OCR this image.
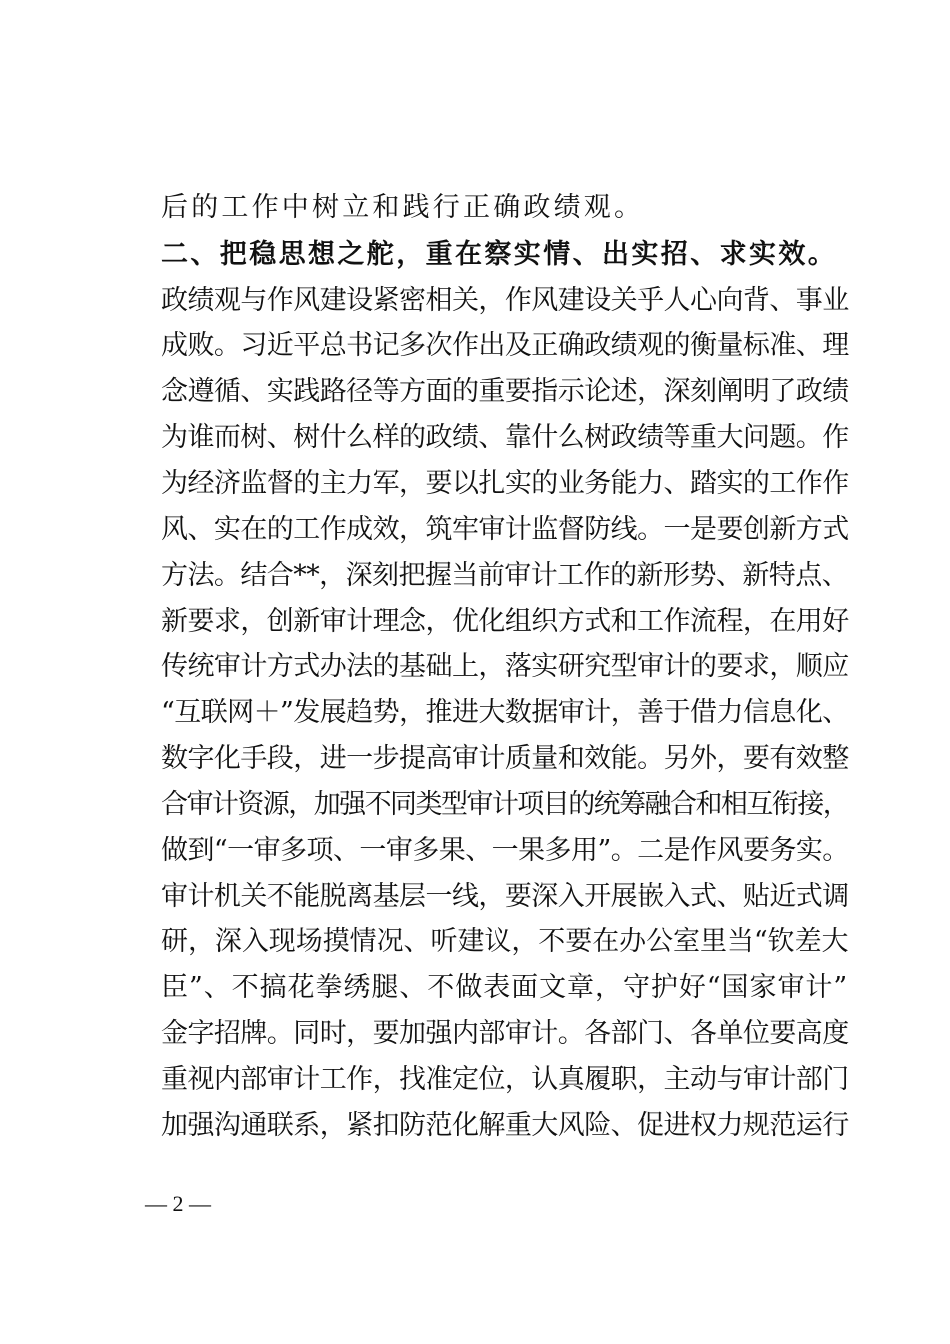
后的工作中树立和践行正确政绩观。
二、把稳思想之舵，重在察实情、出实招、求实效。
政绩观与作风建设紧密相关，作风建设关乎人心向背、事业
成败。习近平总书记多次作出及正确政绩观的衡量标准、理
念遵循、实践路径等方面的重要指示论述，深刻阐明了政绩
为谁而树、树什么样的政绩、靠什么树政绩等重大问题。作
为经济监督的主力军，要以扎实的业务能力、踏实的工作作
风、实在的工作成效，筑牢审计监督防线。一是要创新方式
方法。结合**，深刻把握当前审计工作的新形势、新特点、
新要求，创新审计理念，优化组织方式和工作流程，在用好
传统审计方式办法的基础上，落实研究型审计的要求，顺应
“互联网＋”发展趋势，推进大数据审计，善于借力信息化、
数字化手段，进一步提高审计质量和效能。另外，要有效整
合审计资源，加强不同类型审计项目的统筹融合和相互衔接，
做到“一审多项、一审多果、一果多用”。二是作风要务实。
审计机关不能脱离基层一线，要深入开展嵌入式、贴近式调
研，深入现场摸情况、听建议，不要在办公室里当“钦差大
臣”、不搞花拳绣腿、不做表面文章，守护好“国家审计”
金字招牌。同时，要加强内部审计。各部门、各单位要高度
重视内部审计工作，找准定位，认真履职，主动与审计部门
加强沟通联系，紧扣防范化解重大风险、促进权力规范运行
— 2 —
